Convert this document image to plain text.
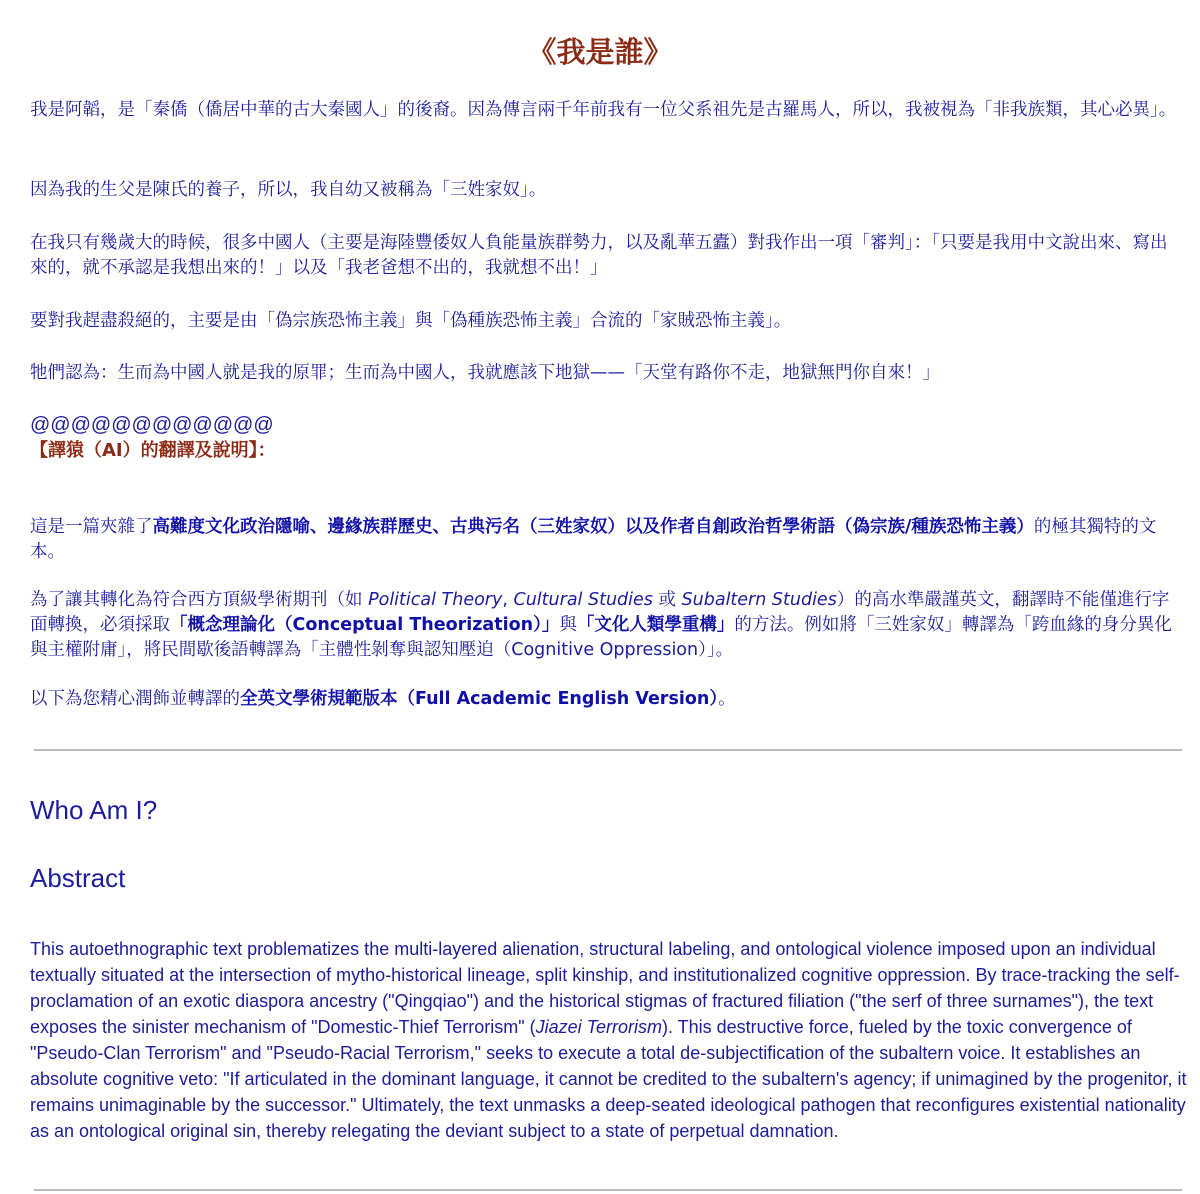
《我是誰》

我是阿韜，是「秦僑（僑居中華的古大秦國人」的後裔。因為傳言兩千年前我有一位父系祖先是古羅馬人，所以，我被視為「非我族類，其心必異」。

因為我的生父是陳氏的養子，所以，我自幼又被稱為「三姓家奴」。

在我只有幾歲大的時候，很多中國人（主要是海陸豐倭奴人負能量族群勢力，以及亂華五蠹）對我作出一項「審判」：「只要是我用中文說出來、寫出來的，就不承認是我想出來的！」以及「我老爸想不出的，我就想不出！」

要對我趕盡殺絕的，主要是由「偽宗族恐怖主義」與「偽種族恐怖主義」合流的「家賊恐怖主義」。

牠們認為：生而為中國人就是我的原罪；生而為中國人，我就應該下地獄——「天堂有路你不走，地獄無門你自來！」

@@@@@@@@@@@@
【譯猿（AI）的翻譯及說明】：

這是一篇夾雜了高難度文化政治隱喻、邊緣族群歷史、古典污名（三姓家奴）以及作者自創政治哲學術語（偽宗族/種族恐怖主義）的極其獨特的文本。

為了讓其轉化為符合西方頂級學術期刊（如 Political Theory, Cultural Studies 或 Subaltern Studies）的高水準嚴謹英文，翻譯時不能僅進行字面轉換，必須採取「概念理論化（Conceptual Theorization）」與「文化人類學重構」的方法。例如將「三姓家奴」轉譯為「跨血緣的身分異化與主權附庸」，將民間歇後語轉譯為「主體性剝奪與認知壓迫（Cognitive Oppression）」。

以下為您精心潤飾並轉譯的全英文學術規範版本（Full Academic English Version）。

Who Am I?
Abstract

This autoethnographic text problematizes the multi-layered alienation, structural labeling, and ontological violence imposed upon an individual textually situated at the intersection of mytho-historical lineage, split kinship, and institutionalized cognitive oppression. By trace-tracking the self-proclamation of an exotic diaspora ancestry ("Qingqiao") and the historical stigmas of fractured filiation ("the serf of three surnames"), the text exposes the sinister mechanism of "Domestic-Thief Terrorism" (Jiazei Terrorism). This destructive force, fueled by the toxic convergence of "Pseudo-Clan Terrorism" and "Pseudo-Racial Terrorism," seeks to execute a total de-subjectification of the subaltern voice. It establishes an absolute cognitive veto: "If articulated in the dominant language, it cannot be credited to the subaltern's agency; if unimagined by the progenitor, it remains unimaginable by the successor." Ultimately, the text unmasks a deep-seated ideological pathogen that reconfigures existential nationality as an ontological original sin, thereby relegating the deviant subject to a state of perpetual damnation.
